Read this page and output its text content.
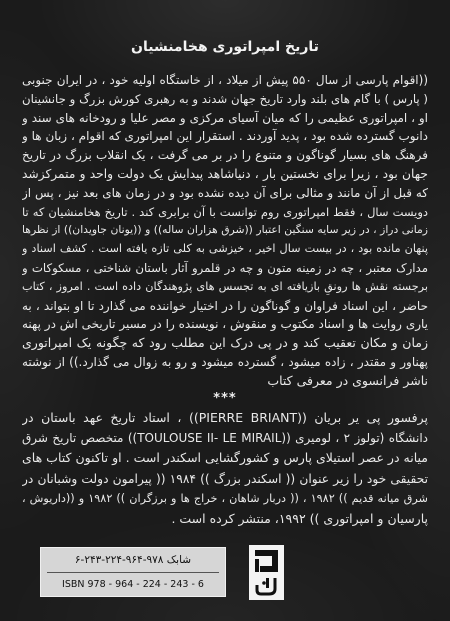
تاریخ امپراتوری هخامنشیان
((اقوام پارسی از سال ۵۵۰ پیش از میلاد ، از خاستگاه اولیه خود ، در ایران جنوبی
( پارس ) با گام های بلند وارد تاریخ جهان شدند و به رهبری کورش بزرگ و جانشینان
او ، امپراتوری عظیمی را که میان آسیای مرکزی و مصر علیا و رودخانه های سند و
دانوب گسترده شده بود ، پدید آوردند . استقرار این امپراتوری که اقوام ، زبان ها و
فرهنگ های بسیار گوناگون و متنوع را در بر می گرفت ، یک انقلاب بزرگ در تاریخ
جهان بود ، زیرا برای نخستین بار ، دنیاشاهد پیدایش یک دولت واحد و متمرکزشد
که قبل از آن مانند و مثالی برای آن دیده نشده بود و در زمان های بعد نیز ، پس از
دویست سال ، فقط امپراتوری روم توانست با آن برابری کند . تاریخ هخامنشیان که تا
زمانی دراز ، در زیر سایه سنگین اعتبار ((شرق هزاران ساله)) و ((یونان جاویدان)) از نظرها
پنهان مانده بود ، در بیست سال اخیر ، خیزشی به کلی تازه یافته است . کشف اسناد و
مدارک معتبر ، چه در زمینه متون و چه در قلمرو آثار باستان شناختی ، مسکوکات و
برجسته نقش ها رونقِ بازیافته ای به تجسس های پژوهندگان داده است . امروز ، کتاب
حاضر ، این اسناد فراوان و گوناگون را در اختیار خواننده می گذارد تا او بتواند ، به
یاری روایت ها و اسناد مکتوب و منقوش ، نویسنده را در مسیر تاریخی اش در پهنه
زمان و مکان تعقیب کند و در پی درک این مطلب رود که چگونه یک امپراتوری
پهناور و مقتدر ، زاده میشود ، گسترده میشود و رو به زوال می گذارد.)) از نوشته
ناشر فرانسوی در معرفی کتاب
***
پرفسور پی یر بریان ((PIERRE BRIANT)) ، استاد تاریخ عهد باستان در
دانشگاه (تولوز ۲ ، لومیری ((TOULOUSE II- LE MIRAIL)) متخصص تاریخ شرق
میانه در عصر استیلای پارس و کشورگشایی اسکندر است . او تاکنون کتاب های
تحقیقی خود را زیر عنوان (( اسکندر بزرگ )) ۱۹۸۴ (( پیرامون دولت وشبانان در
شرق میانه قدیم )) ۱۹۸۲ ، (( دربار شاهان ، خراج ها و برزگران )) ۱۹۸۲ و ((داریوش ،
پارسیان و امپراتوری )) ۱۹۹۲، منتشر کرده است .
شابک ۹۷۸-۹۶۴-۲۲۴-۲۴۳-۶
ISBN 978 - 964 - 224 - 243 - 6
